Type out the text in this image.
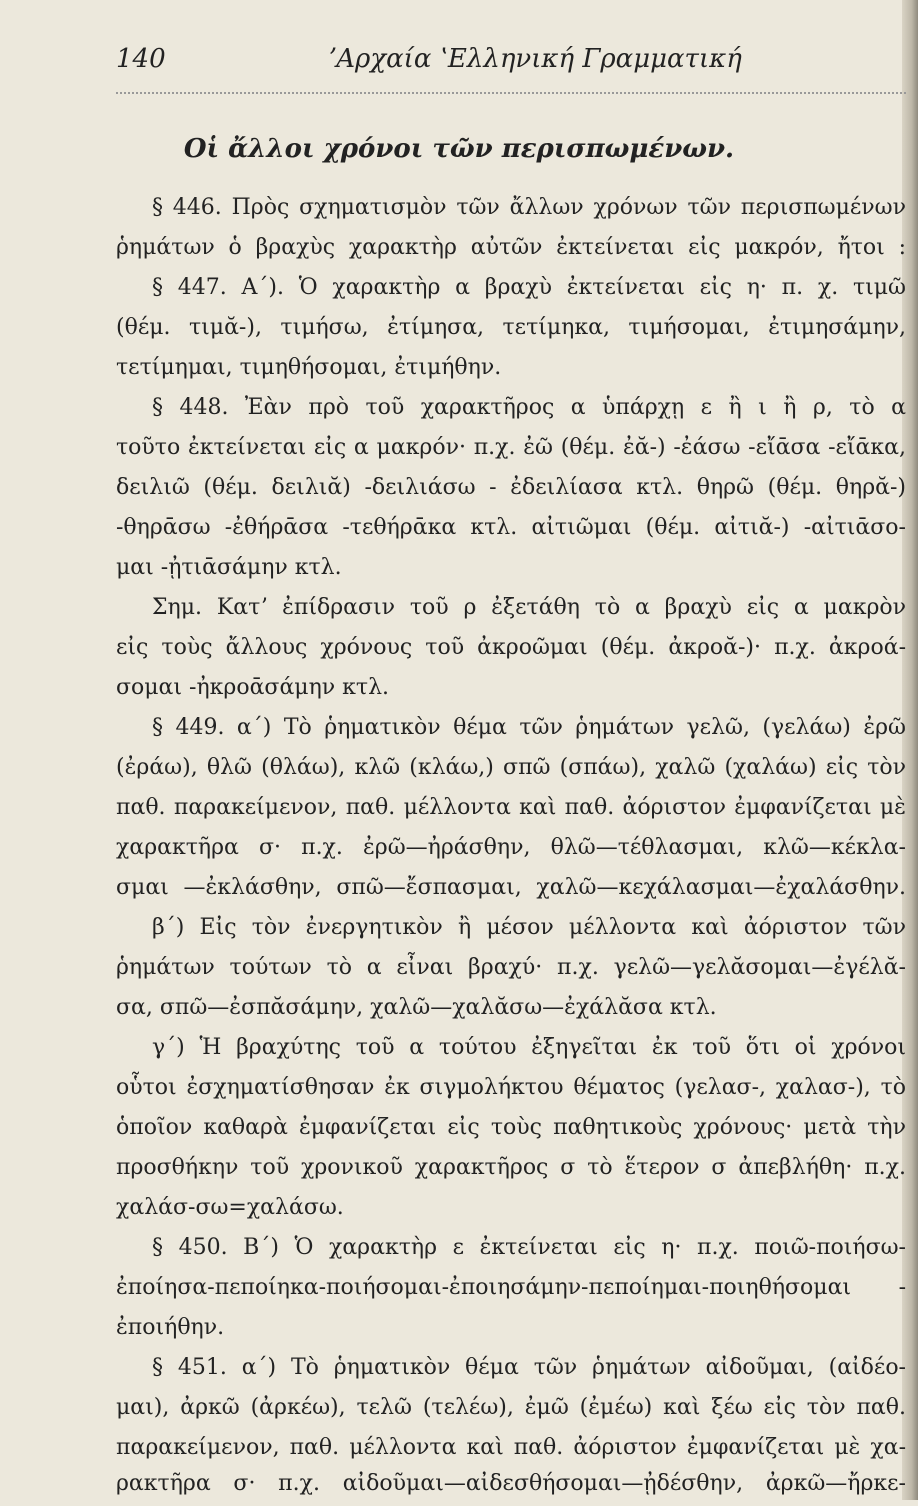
140	ʼΑρχαία ʽΕλληνική Γραμματική
Οἱ ἄλλοι χρόνοι τῶν περισπωμένων.
§ 446. Πρὸς σχηματισμὸν τῶν ἄλλων χρόνων τῶν περισπωμένων
ῥημάτων ὁ βραχὺς χαρακτὴρ αὐτῶν ἐκτείνεται εἰς μακρόν, ἤτοι :
§ 447. Α΄). Ὁ χαρακτὴρ α βραχὺ ἐκτείνεται εἰς η· π. χ. τιμῶ
(θέμ. τιμᾰ-), τιμήσω, ἐτίμησα, τετίμηκα, τιμήσομαι, ἐτιμησάμην,
τετίμημαι, τιμηθήσομαι, ἐτιμήθην.
§ 448. Ἐὰν πρὸ τοῦ χαρακτῆρος α ὑπάρχῃ ε ἢ ι ἢ ρ, τὸ α
τοῦτο ἐκτείνεται εἰς α μακρόν· π.χ. ἐῶ (θέμ. ἐᾰ-) -ἐάσω -εἴᾱσα -εἴᾱκα,
δειλιῶ (θέμ. δειλιᾰ) -δειλιάσω - ἐδειλίασα κτλ. θηρῶ (θέμ. θηρᾰ-)
-θηρᾱσω -ἐθήρᾱσα -τεθήρᾱκα κτλ. αἰτιῶμαι (θέμ. αἰτιᾰ-) -αἰτιᾱσο-
μαι -ᾐτιᾱσάμην κτλ.
Σημ. Κατʼ ἐπίδρασιν τοῦ ρ ἐξετάθη τὸ α βραχὺ εἰς α μακρὸν
εἰς τοὺς ἄλλους χρόνους τοῦ ἀκροῶμαι (θέμ. ἀκροᾰ-)· π.χ. ἀκροά-
σομαι -ἠκροᾱσάμην κτλ.
§ 449. α΄) Τὸ ῥηματικὸν θέμα τῶν ῥημάτων γελῶ, (γελάω) ἐρῶ
(ἐράω), θλῶ (θλάω), κλῶ (κλάω,) σπῶ (σπάω), χαλῶ (χαλάω) εἰς τὸν
παθ. παρακείμενον, παθ. μέλλοντα καὶ παθ. ἀόριστον ἐμφανίζεται μὲ
χαρακτῆρα σ· π.χ. ἐρῶ—ἠράσθην, θλῶ—τέθλασμαι, κλῶ—κέκλα-
σμαι —ἐκλάσθην, σπῶ—ἔσπασμαι, χαλῶ—κεχάλασμαι—ἐχαλάσθην.
β΄) Εἰς τὸν ἐνεργητικὸν ἢ μέσον μέλλοντα καὶ ἀόριστον τῶν
ῥημάτων τούτων τὸ α εἶναι βραχύ· π.χ. γελῶ—γελᾰσομαι—ἐγέλᾰ-
σα, σπῶ—ἐσπᾰσάμην, χαλῶ—χαλᾰσω—ἐχάλᾰσα κτλ.
γ΄) Ἡ βραχύτης τοῦ α τούτου ἐξηγεῖται ἐκ τοῦ ὅτι οἱ χρόνοι
οὗτοι ἐσχηματίσθησαν ἐκ σιγμολήκτου θέματος (γελασ-, χαλασ-), τὸ
ὁποῖον καθαρὰ ἐμφανίζεται εἰς τοὺς παθητικοὺς χρόνους· μετὰ τὴν
προσθήκην τοῦ χρονικοῦ χαρακτῆρος σ τὸ ἕτερον σ ἀπεβλήθη· π.χ.
χαλάσ-σω=χαλάσω.
§ 450. Β΄) Ὁ χαρακτὴρ ε ἐκτείνεται εἰς η· π.χ. ποιῶ-ποιήσω-
ἐποίησα-πεποίηκα-ποιήσομαι-ἐποιησάμην-πεποίημαι-ποιηθήσομαι -
ἐποιήθην.
§ 451. α΄) Τὸ ῥηματικὸν θέμα τῶν ῥημάτων αἰδοῦμαι, (αἰδέο-
μαι), ἀρκῶ (ἀρκέω), τελῶ (τελέω), ἐμῶ (ἐμέω) καὶ ξέω εἰς τὸν παθ.
παρακείμενον, παθ. μέλλοντα καὶ παθ. ἀόριστον ἐμφανίζεται μὲ χα-
ρακτῆρα σ· π.χ. αἰδοῦμαι—αἰδεσθήσομαι—ᾐδέσθην, ἀρκῶ—ἤρκε-
